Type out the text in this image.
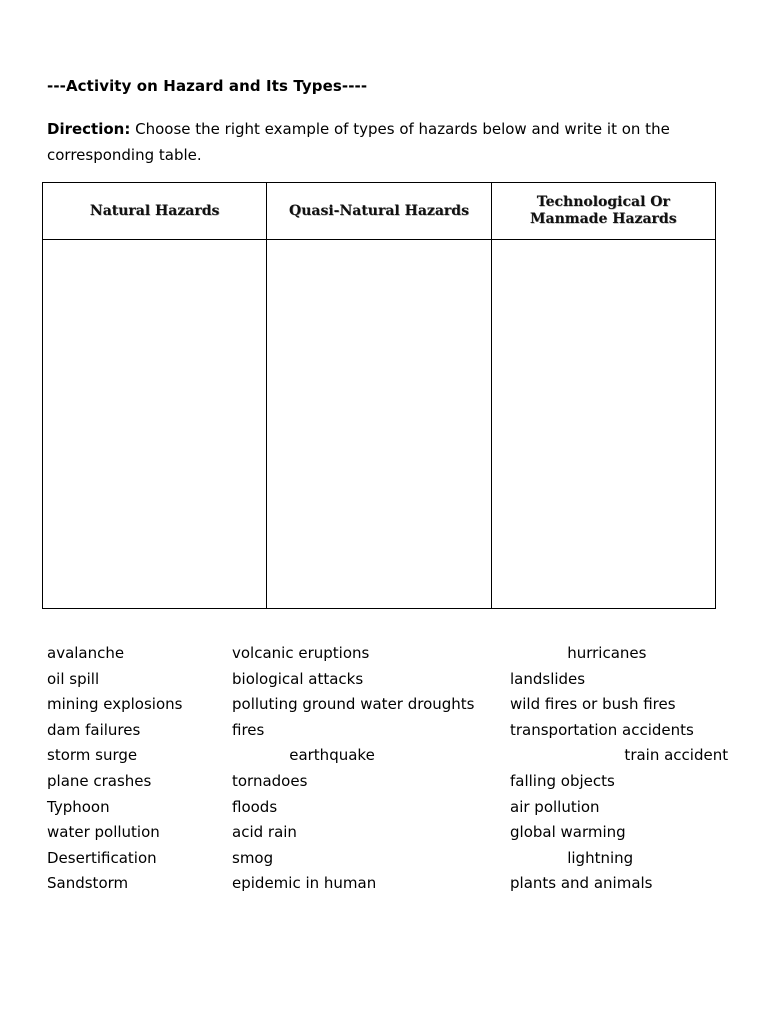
---Activity on Hazard and Its Types----
Direction: Choose the right example of types of hazards below and write it on the corresponding table.
Natural Hazards	Quasi-Natural Hazards	Technological Or
Manmade Hazards

avalanche
oil spill
mining explosions
dam failures
storm surge
plane crashes
Typhoon
water pollution
Desertification
Sandstorm
volcanic eruptions
biological attacks
polluting ground water droughts
fires
earthquake
tornadoes
floods
acid rain
smog
epidemic in human
hurricanes
landslides
wild fires or bush fires
transportation accidents
train accident
falling objects
air pollution
global warming
lightning
plants and animals
